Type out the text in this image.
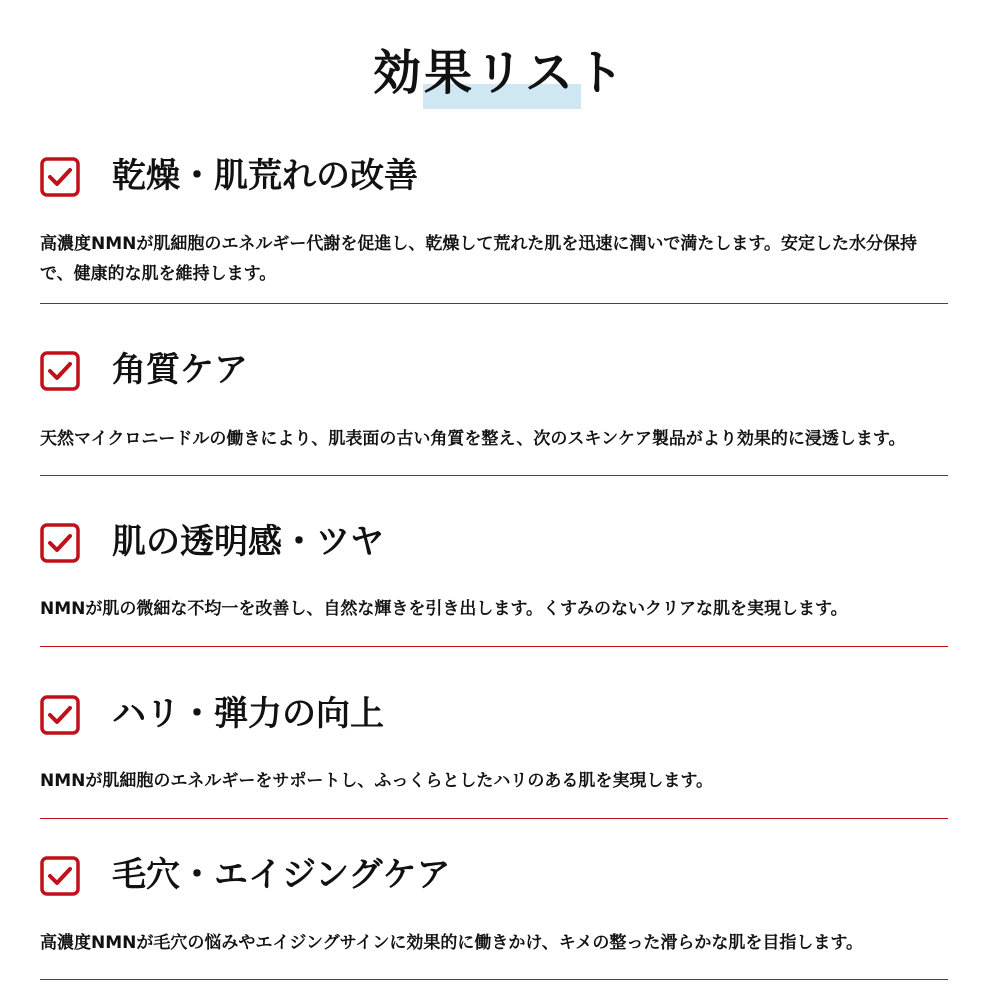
効果リスト
乾燥・肌荒れの改善

高濃度NMNが肌細胞のエネルギー代謝を促進し、乾燥して荒れた肌を迅速に潤いで満たします。安定した水分保持で、健康的な肌を維持します。

角質ケア

天然マイクロニードルの働きにより、肌表面の古い角質を整え、次のスキンケア製品がより効果的に浸透します。

肌の透明感・ツヤ

NMNが肌の微細な不均一を改善し、自然な輝きを引き出します。くすみのないクリアな肌を実現します。

ハリ・弾力の向上

NMNが肌細胞のエネルギーをサポートし、ふっくらとしたハリのある肌を実現します。

毛穴・エイジングケア

高濃度NMNが毛穴の悩みやエイジングサインに効果的に働きかけ、キメの整った滑らかな肌を目指します。
